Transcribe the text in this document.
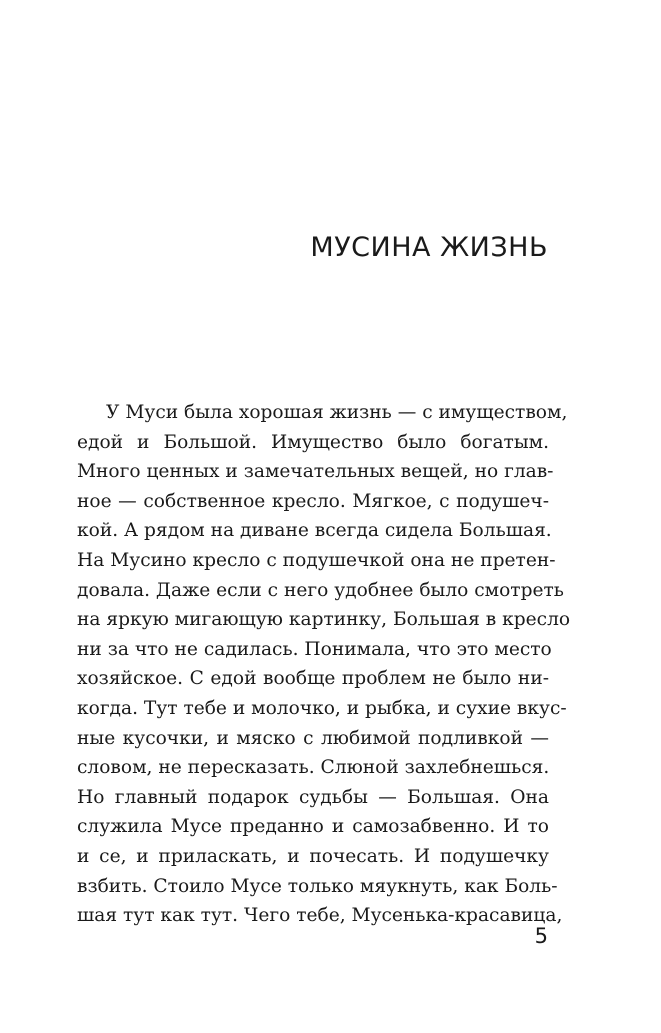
МУСИНА ЖИЗНЬ
У Муси была хорошая жизнь — с имуществом,
едой и Большой. Имущество было богатым.
Много ценных и замечательных вещей, но глав-
ное — собственное кресло. Мягкое, с подушеч-
кой. А рядом на диване всегда сидела Большая.
На Мусино кресло с подушечкой она не претен-
довала. Даже если с него удобнее было смотреть
на яркую мигающую картинку, Большая в кресло
ни за что не садилась. Понимала, что это место
хозяйское. С едой вообще проблем не было ни-
когда. Тут тебе и молочко, и рыбка, и сухие вкус-
ные кусочки, и мяско с любимой подливкой —
словом, не пересказать. Слюной захлебнешься.
Но главный подарок судьбы — Большая. Она
служила Мусе преданно и самозабвенно. И то
и се, и приласкать, и почесать. И подушечку
взбить. Стоило Мусе только мяукнуть, как Боль-
шая тут как тут. Чего тебе, Мусенька-красавица,
5
